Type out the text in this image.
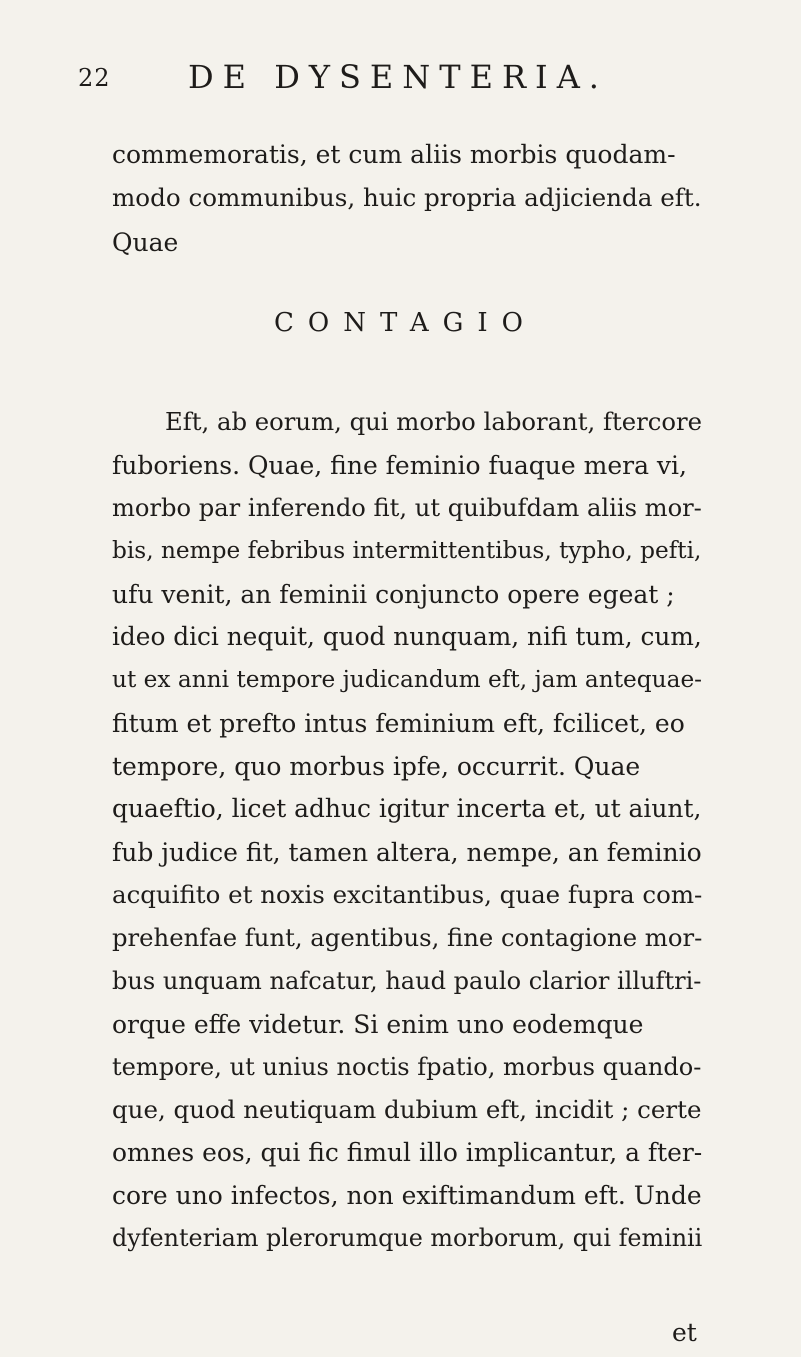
22 DE DYSENTERIA.
commemoratis, et cum aliis morbis quodam-
modo communibus, huic propria adjicienda eft.
Quae
CONTAGIO
Eft, ab eorum, qui morbo laborant, ftercore
fuboriens. Quae, fine feminio fuaque mera vi,
morbo par inferendo fit, ut quibufdam aliis mor-
bis, nempe febribus intermittentibus, typho, pefti,
ufu venit, an feminii conjuncto opere egeat ;
ideo dici nequit, quod nunquam, nifi tum, cum,
ut ex anni tempore judicandum eft, jam antequae-
fitum et prefto intus feminium eft, fcilicet, eo
tempore, quo morbus ipfe, occurrit. Quae
quaeftio, licet adhuc igitur incerta et, ut aiunt,
fub judice fit, tamen altera, nempe, an feminio
acquifito et noxis excitantibus, quae fupra com-
prehenfae funt, agentibus, fine contagione mor-
bus unquam nafcatur, haud paulo clarior illuftri-
orque effe videtur. Si enim uno eodemque
tempore, ut unius noctis fpatio, morbus quando-
que, quod neutiquam dubium eft, incidit ; certe
omnes eos, qui fic fimul illo implicantur, a fter-
core uno infectos, non exiftimandum eft. Unde
dyfenteriam plerorumque morborum, qui feminii
et
